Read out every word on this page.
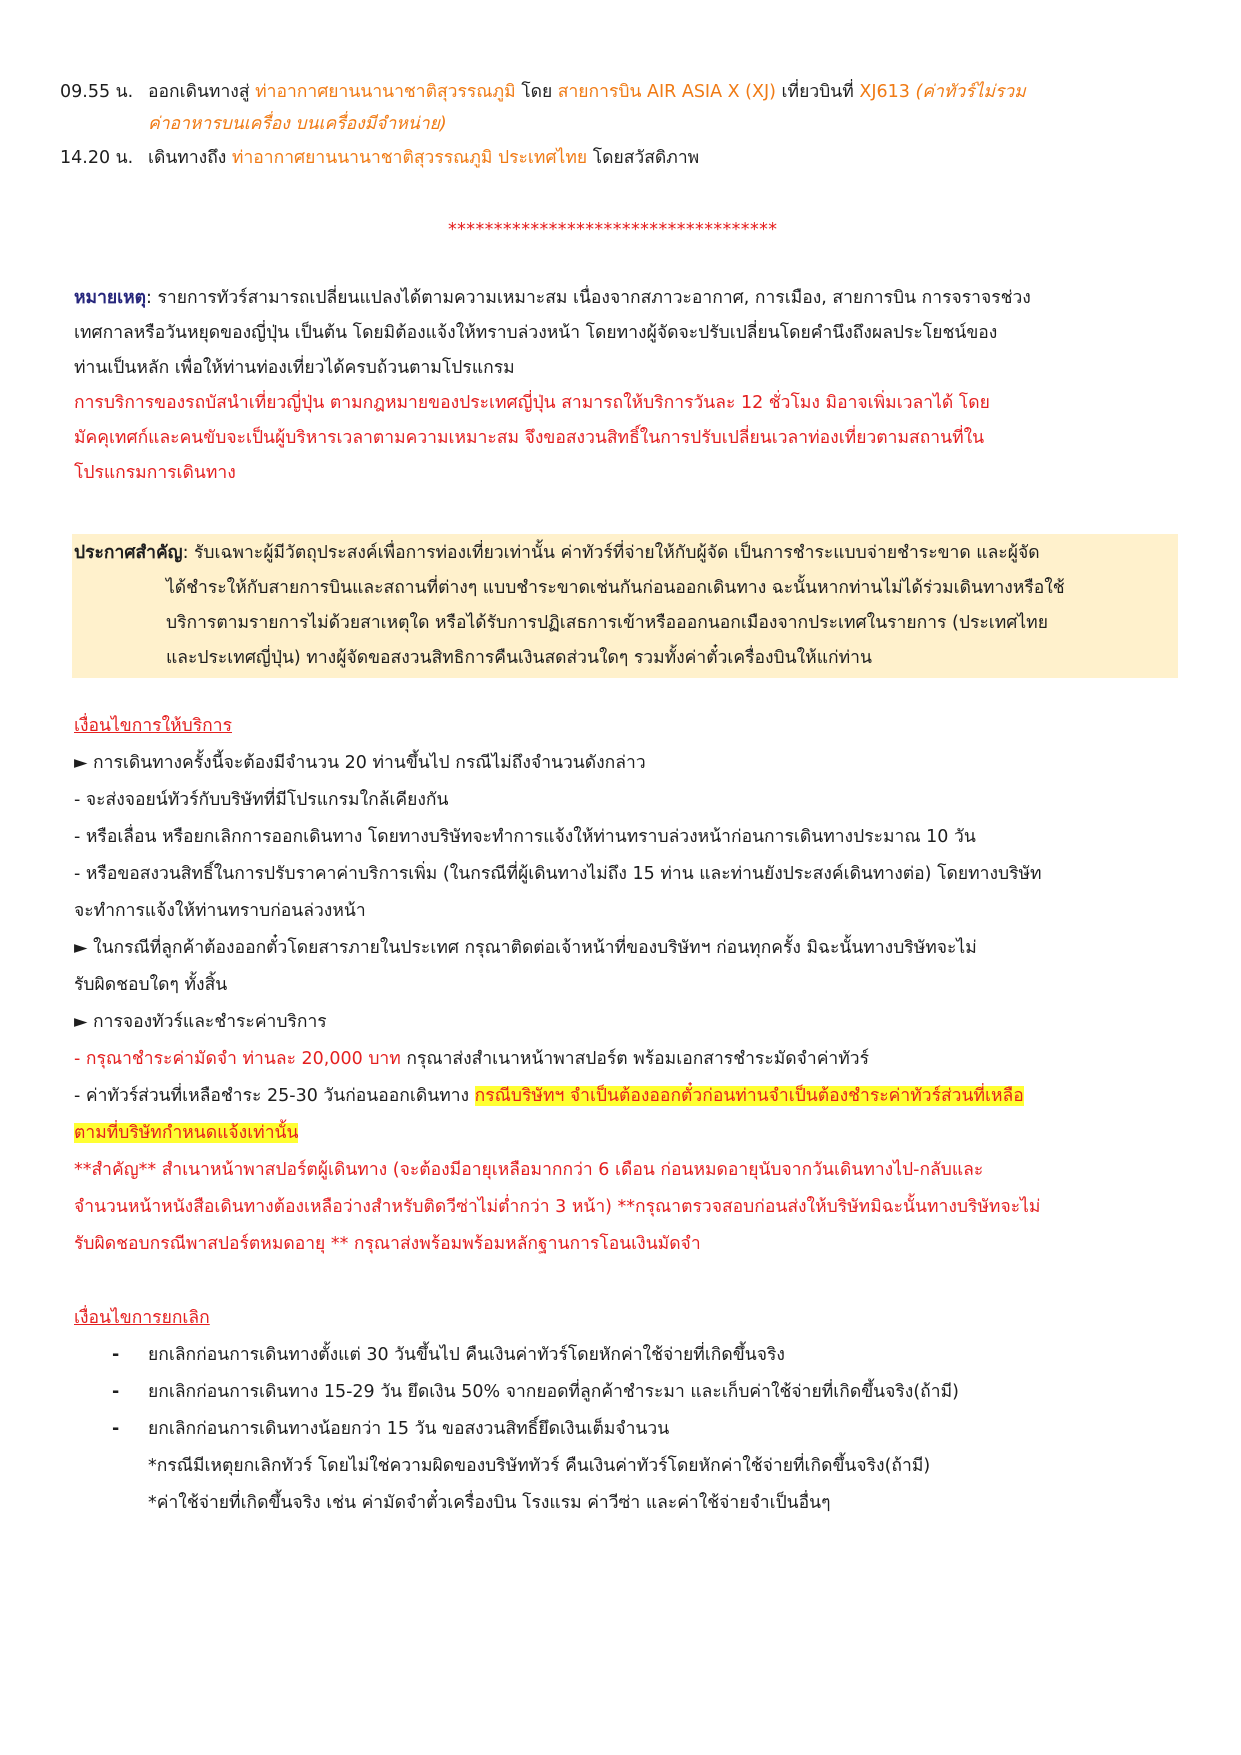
09.55 น. ออกเดินทางสู่ ท่าอากาศยานนานาชาติสุวรรณภูมิ โดย สายการบิน AIR ASIA X (XJ) เที่ยวบินที่ XJ613 (ค่าทัวร์ไม่รวม
ค่าอาหารบนเครื่อง บนเครื่องมีจำหน่าย)
14.20 น. เดินทางถึง ท่าอากาศยานนานาชาติสุวรรณภูมิ ประเทศไทย โดยสวัสดิภาพ
************************************
หมายเหตุ: รายการทัวร์สามารถเปลี่ยนแปลงได้ตามความเหมาะสม เนื่องจากสภาวะอากาศ, การเมือง, สายการบิน การจราจรช่วง
เทศกาลหรือวันหยุดของญี่ปุ่น เป็นต้น โดยมิต้องแจ้งให้ทราบล่วงหน้า โดยทางผู้จัดจะปรับเปลี่ยนโดยคำนึงถึงผลประโยชน์ของ
ท่านเป็นหลัก เพื่อให้ท่านท่องเที่ยวได้ครบถ้วนตามโปรแกรม
การบริการของรถบัสนำเที่ยวญี่ปุ่น ตามกฎหมายของประเทศญี่ปุ่น สามารถให้บริการวันละ 12 ชั่วโมง มิอาจเพิ่มเวลาได้ โดย
มัคคุเทศก์และคนขับจะเป็นผู้บริหารเวลาตามความเหมาะสม จึงขอสงวนสิทธิ์ในการปรับเปลี่ยนเวลาท่องเที่ยวตามสถานที่ใน
โปรแกรมการเดินทาง
ประกาศสำคัญ: รับเฉพาะผู้มีวัตถุประสงค์เพื่อการท่องเที่ยวเท่านั้น ค่าทัวร์ที่จ่ายให้กับผู้จัด เป็นการชำระแบบจ่ายชำระขาด และผู้จัด
ได้ชำระให้กับสายการบินและสถานที่ต่างๆ แบบชำระขาดเช่นกันก่อนออกเดินทาง ฉะนั้นหากท่านไม่ได้ร่วมเดินทางหรือใช้
บริการตามรายการไม่ด้วยสาเหตุใด หรือได้รับการปฏิเสธการเข้าหรือออกนอกเมืองจากประเทศในรายการ (ประเทศไทย
และประเทศญี่ปุ่น) ทางผู้จัดขอสงวนสิทธิการคืนเงินสดส่วนใดๆ รวมทั้งค่าตั๋วเครื่องบินให้แก่ท่าน
เงื่อนไขการให้บริการ
► การเดินทางครั้งนี้จะต้องมีจำนวน 20 ท่านขึ้นไป กรณีไม่ถึงจำนวนดังกล่าว
- จะส่งจอยน์ทัวร์กับบริษัทที่มีโปรแกรมใกล้เคียงกัน
- หรือเลื่อน หรือยกเลิกการออกเดินทาง โดยทางบริษัทจะทำการแจ้งให้ท่านทราบล่วงหน้าก่อนการเดินทางประมาณ 10 วัน
- หรือขอสงวนสิทธิ์ในการปรับราคาค่าบริการเพิ่ม (ในกรณีที่ผู้เดินทางไม่ถึง 15 ท่าน และท่านยังประสงค์เดินทางต่อ) โดยทางบริษัท
จะทำการแจ้งให้ท่านทราบก่อนล่วงหน้า
► ในกรณีที่ลูกค้าต้องออกตั๋วโดยสารภายในประเทศ กรุณาติดต่อเจ้าหน้าที่ของบริษัทฯ ก่อนทุกครั้ง มิฉะนั้นทางบริษัทจะไม่
รับผิดชอบใดๆ ทั้งสิ้น
► การจองทัวร์และชำระค่าบริการ
- กรุณาชำระค่ามัดจำ ท่านละ 20,000 บาท กรุณาส่งสำเนาหน้าพาสปอร์ต พร้อมเอกสารชำระมัดจำค่าทัวร์
- ค่าทัวร์ส่วนที่เหลือชำระ 25-30 วันก่อนออกเดินทาง กรณีบริษัทฯ จำเป็นต้องออกตั๋วก่อนท่านจำเป็นต้องชำระค่าทัวร์ส่วนที่เหลือ
ตามที่บริษัทกำหนดแจ้งเท่านั้น
**สำคัญ** สำเนาหน้าพาสปอร์ตผู้เดินทาง (จะต้องมีอายุเหลือมากกว่า 6 เดือน ก่อนหมดอายุนับจากวันเดินทางไป-กลับและ
จำนวนหน้าหนังสือเดินทางต้องเหลือว่างสำหรับติดวีซ่าไม่ต่ำกว่า 3 หน้า) **กรุณาตรวจสอบก่อนส่งให้บริษัทมิฉะนั้นทางบริษัทจะไม่
รับผิดชอบกรณีพาสปอร์ตหมดอายุ ** กรุณาส่งพร้อมพร้อมหลักฐานการโอนเงินมัดจำ
เงื่อนไขการยกเลิก
- ยกเลิกก่อนการเดินทางตั้งแต่ 30 วันขึ้นไป คืนเงินค่าทัวร์โดยหักค่าใช้จ่ายที่เกิดขึ้นจริง
- ยกเลิกก่อนการเดินทาง 15-29 วัน ยึดเงิน 50% จากยอดที่ลูกค้าชำระมา และเก็บค่าใช้จ่ายที่เกิดขึ้นจริง(ถ้ามี)
- ยกเลิกก่อนการเดินทางน้อยกว่า 15 วัน ขอสงวนสิทธิ์ยึดเงินเต็มจำนวน
*กรณีมีเหตุยกเลิกทัวร์ โดยไม่ใช่ความผิดของบริษัททัวร์ คืนเงินค่าทัวร์โดยหักค่าใช้จ่ายที่เกิดขึ้นจริง(ถ้ามี)
*ค่าใช้จ่ายที่เกิดขึ้นจริง เช่น ค่ามัดจำตั๋วเครื่องบิน โรงแรม ค่าวีซ่า และค่าใช้จ่ายจำเป็นอื่นๆ
